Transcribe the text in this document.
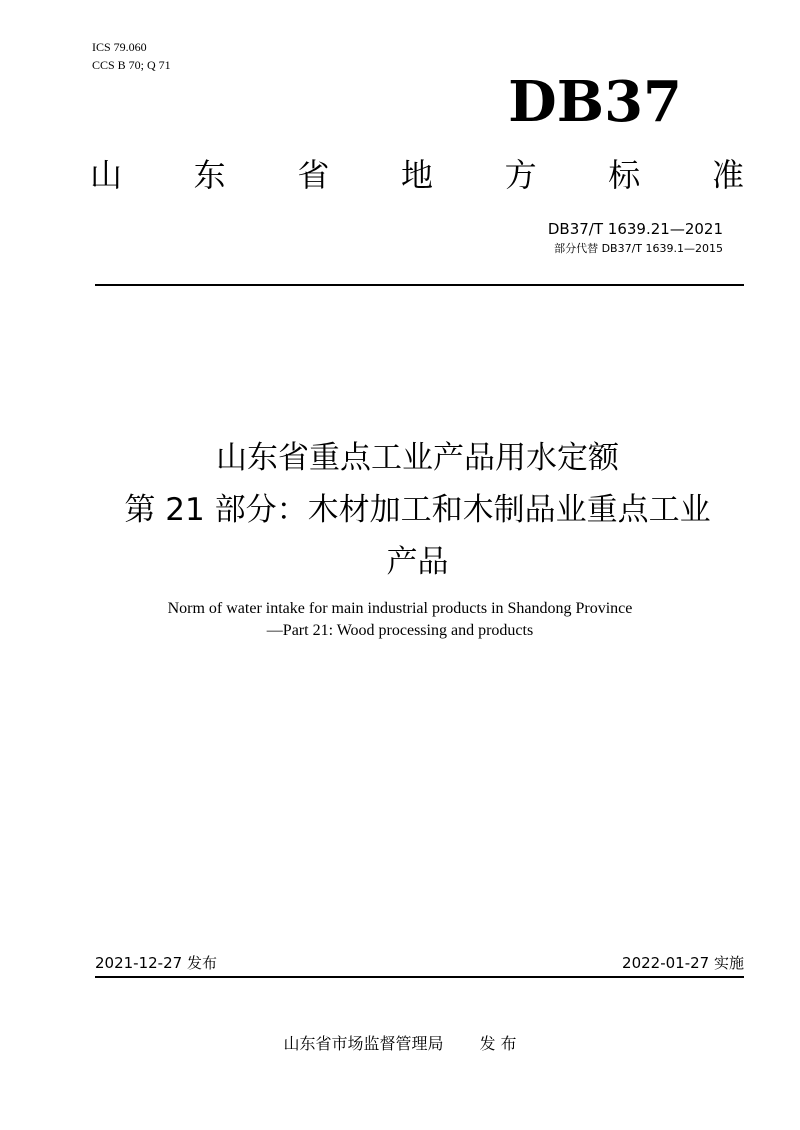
ICS 79.060
CCS B 70; Q 71
DB37
山 东 省 地 方 标 准
DB37/T 1639.21—2021
部分代替 DB37/T 1639.1—2015
山东省重点工业产品用水定额
第 21 部分：木材加工和木制品业重点工业
产品
Norm of water intake for main industrial products in Shandong Province
—Part 21: Wood processing and products
2021-12-27 发布	2022-01-27 实施
山东省市场监督管理局 发 布
